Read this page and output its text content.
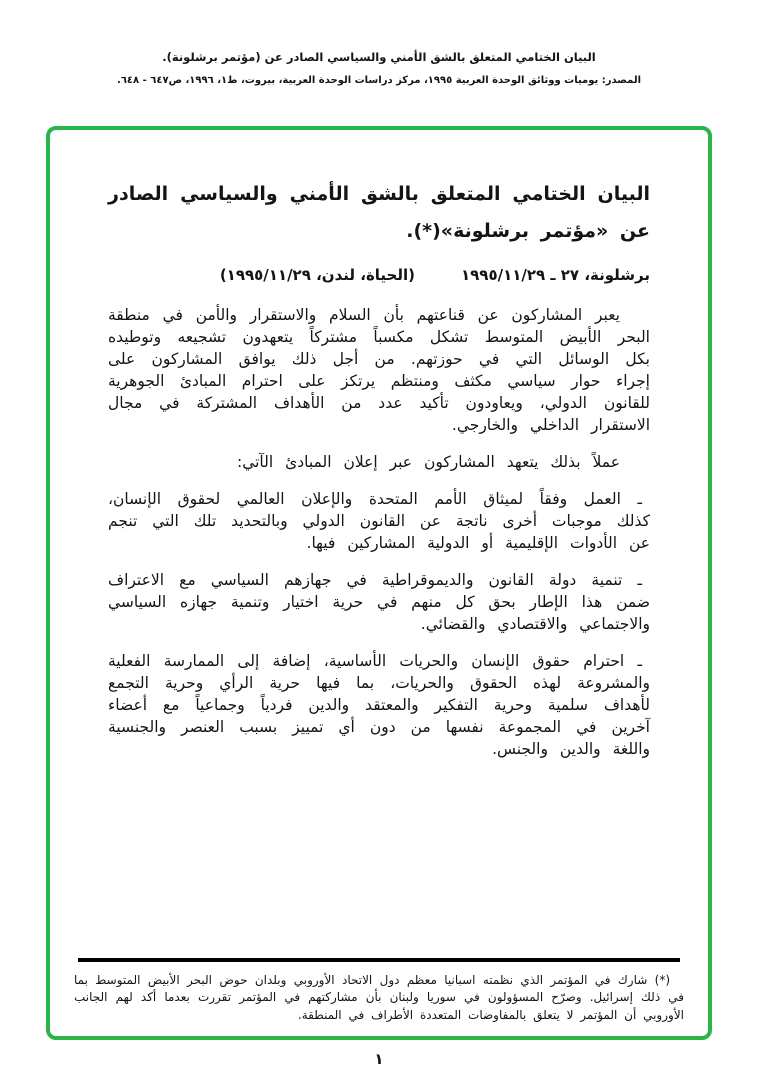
البيان الختامي المتعلق بالشق الأمني والسياسي الصادر عن (مؤتمر برشلونة).
المصدر: يوميات ووثائق الوحدة العربية ١٩٩٥، مركز دراسات الوحدة العربية، بيروت، ط١، ١٩٩٦، ص٦٤٧ - ٦٤٨.
البيان الختامي المتعلق بالشق الأمني والسياسي الصادر عن «مؤتمر برشلونة»(*).
برشلونة، ٢٧ ـ ١٩٩٥/١١/٢٩
(الحياة، لندن، ١٩٩٥/١١/٢٩)

يعبر المشاركون عن قناعتهم بأن السلام والاستقرار والأمن في منطقة البحر الأبيض المتوسط تشكل مكسباً مشتركاً يتعهدون تشجيعه وتوطيده بكل الوسائل التي في حوزتهم. من أجل ذلك يوافق المشاركون على إجراء حوار سياسي مكثف ومنتظم يرتكز على احترام المبادئ الجوهرية للقانون الدولي، ويعاودون تأكيد عدد من الأهداف المشتركة في مجال الاستقرار الداخلي والخارجي.

عملاً بذلك يتعهد المشاركون عبر إعلان المبادئ الآتي:

ـ العمل وفقاً لميثاق الأمم المتحدة والإعلان العالمي لحقوق الإنسان، كذلك موجبات أخرى ناتجة عن القانون الدولي وبالتحديد تلك التي تنجم عن الأدوات الإقليمية أو الدولية المشاركين فيها.

ـ تنمية دولة القانون والديموقراطية في جهازهم السياسي مع الاعتراف ضمن هذا الإطار بحق كل منهم في حرية اختيار وتنمية جهازه السياسي والاجتماعي والاقتصادي والقضائي.

ـ احترام حقوق الإنسان والحريات الأساسية، إضافة إلى الممارسة الفعلية والمشروعة لهذه الحقوق والحريات، بما فيها حرية الرأي وحرية التجمع لأهداف سلمية وحرية التفكير والمعتقد والدين فردياً وجماعياً مع أعضاء آخرين في المجموعة نفسها من دون أي تمييز بسبب العنصر والجنسية واللغة والدين والجنس.

(*) شارك في المؤتمر الذي نظمته اسبانيا معظم دول الاتحاد الأوروبي وبلدان حوض البحر الأبيض المتوسط بما في ذلك إسرائيل. وصرّح المسؤولون في سوريا ولبنان بأن مشاركتهم في المؤتمر تقررت بعدما أكد لهم الجانب الأوروبي أن المؤتمر لا يتعلق بالمفاوضات المتعددة الأطراف في المنطقة.

١
